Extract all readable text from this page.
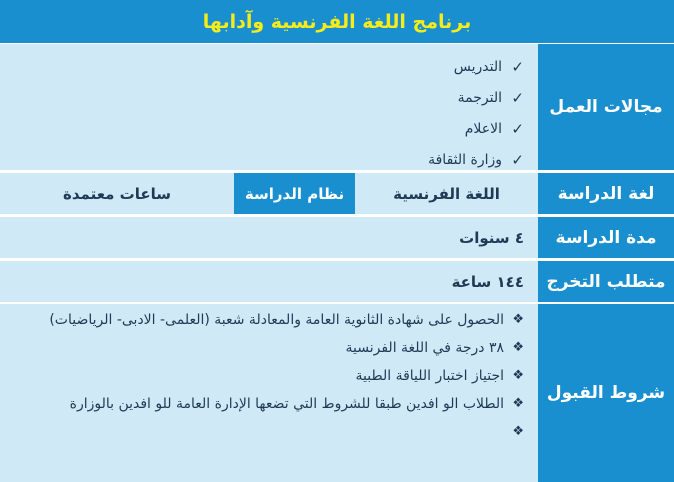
برنامج اللغة الفرنسية وآدابها
مجالات العمل
✓
التدريس
✓
الترجمة
✓
الاعلام
✓
وزارة الثقافة
لغة الدراسة
اللغة الفرنسية
نظام الدراسة
ساعات معتمدة
مدة الدراسة
٤ سنوات
متطلب التخرج
١٤٤ ساعة
شروط القبول
❖
الحصول على شهادة الثانوية العامة والمعادلة شعبة (العلمى- الادبى- الرياضيات)
❖
٣٨ درجة في اللغة الفرنسية
❖
اجتياز اختبار اللياقة الطبية
❖
الطلاب الو افدين طبقا للشروط التي تضعها الإدارة العامة للو افدين بالوزارة
❖
